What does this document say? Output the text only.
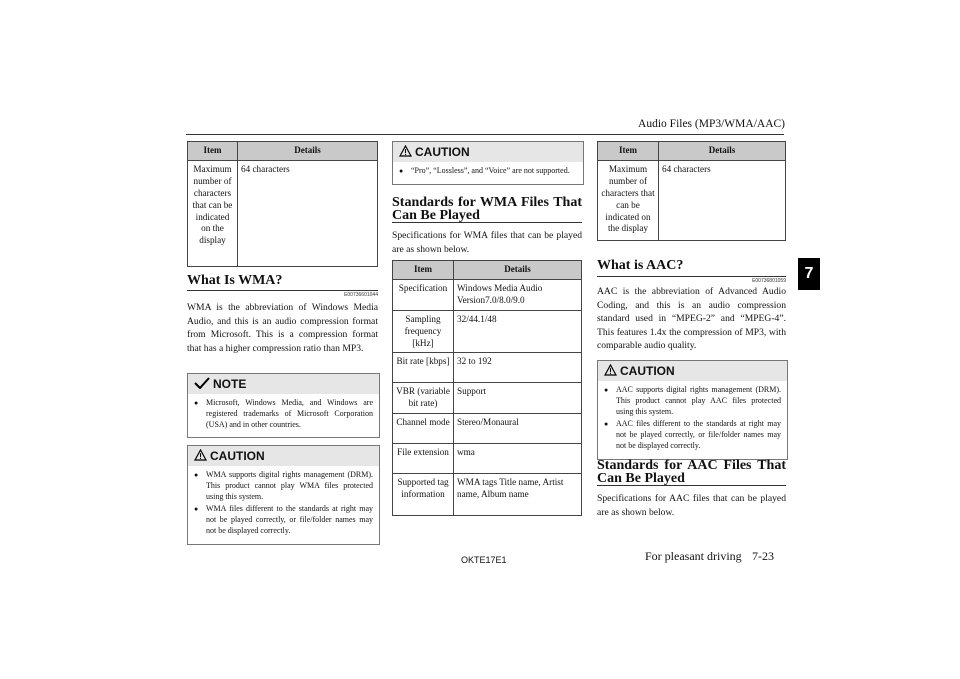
Audio Files (MP3/WMA/AAC)
7
Item	Details
Maximum number of characters that can be indicated on the display	64 characters
What Is WMA?
E00736601044
WMA is the abbreviation of Windows Media Audio, and this is an audio compression format from Microsoft. This is a compression format that has a higher compression ratio than MP3.
NOTE
● Microsoft, Windows Media, and Windows are registered trademarks of Microsoft Corporation (USA) and in other countries.
CAUTION
● WMA supports digital rights management (DRM). This product cannot play WMA files protected using this system.
● WMA files different to the standards at right may not be played correctly, or file/folder names may not be displayed correctly.
CAUTION
● “Pro”, “Lossless”, and “Voice” are not supported.
Standards for WMA Files That
Can Be Played
Specifications for WMA files that can be played are as shown below.
Item	Details
Specification	Windows Media Audio Version7.0/8.0/9.0
Sampling frequency [kHz]	32/44.1/48
Bit rate [kbps]	32 to 192
VBR (variable bit rate)	Support
Channel mode	Stereo/Monaural
File extension	wma
Supported tag information	WMA tags Title name, Artist name, Album name
Item	Details
Maximum number of characters that can be indicated on the display	64 characters
What is AAC?
E00736801059
AAC is the abbreviation of Advanced Audio Coding, and this is an audio compression standard used in “MPEG-2” and “MPEG-4”. This features 1.4x the compression of MP3, with comparable audio quality.
CAUTION
● AAC supports digital rights management (DRM). This product cannot play AAC files protected using this system.
● AAC files different to the standards at right may not be played correctly, or file/folder names may not be displayed correctly.
Standards for AAC Files That
Can Be Played
Specifications for AAC files that can be played are as shown below.
OKTE17E1	For pleasant driving 7-23
